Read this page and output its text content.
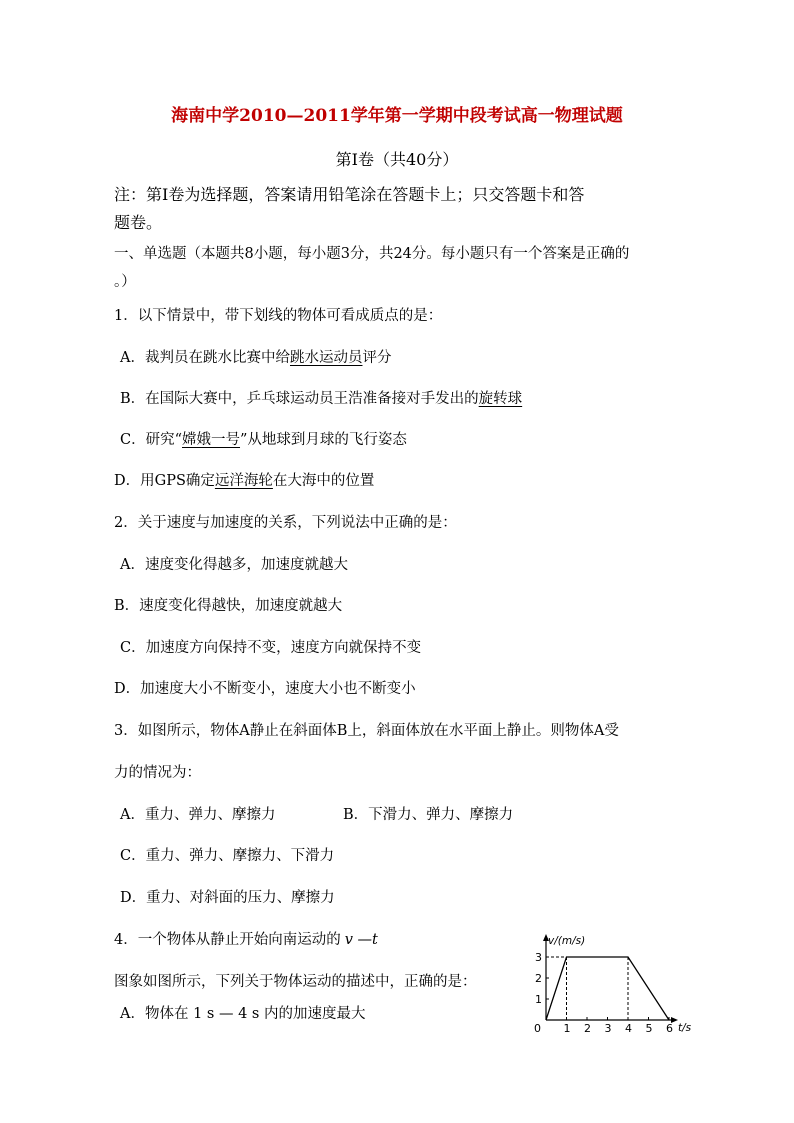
海南中学2010—2011学年第一学期中段考试高一物理试题
第Ⅰ卷（共40分）
注：第Ⅰ卷为选择题，答案请用铅笔涂在答题卡上；只交答题卡和答
题卷。
一、单选题（本题共8小题，每小题3分，共24分。每小题只有一个答案是正确的
。）
1．以下情景中，带下划线的物体可看成质点的是：
A．裁判员在跳水比赛中给跳水运动员评分
B．在国际大赛中，乒乓球运动员王浩准备接对手发出的旋转球
C．研究“嫦娥一号”从地球到月球的飞行姿态
D．用GPS确定远洋海轮在大海中的位置
2．关于速度与加速度的关系，下列说法中正确的是：
A．速度变化得越多，加速度就越大
B．速度变化得越快，加速度就越大
C．加速度方向保持不变，速度方向就保持不变
D．加速度大小不断变小，速度大小也不断变小
3．如图所示，物体A静止在斜面体B上，斜面体放在水平面上静止。则物体A受
力的情况为：
A．重力、弹力、摩擦力	B．下滑力、弹力、摩擦力
C．重力、弹力、摩擦力、下滑力
D．重力、对斜面的压力、摩擦力
4．一个物体从静止开始向南运动的 v —t
图象如图所示，下列关于物体运动的描述中，正确的是：
A．物体在 1 s — 4 s 内的加速度最大
v/(m/s)
t/s
0 1 2 3 4 5 6
1
2
3
